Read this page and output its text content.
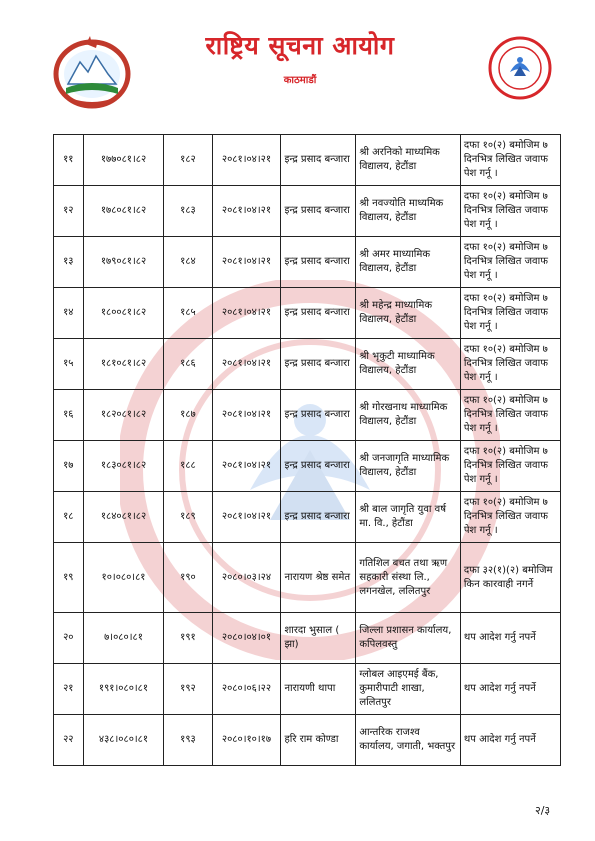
राष्ट्रिय सूचना आयोग
काठमाडौं
११	१७७०८१।८२	१८२	२०८१।०४।२१	इन्द्र प्रसाद बन्जारा	श्री अरनिको माध्यमिक विद्यालय, हेटौंडा	दफा १०(२) बमोजिम ७ दिनभित्र लिखित जवाफ पेश गर्नू ।
१२	१७८०८१।८२	१८३	२०८१।०४।२१	इन्द्र प्रसाद बन्जारा	श्री नवज्योति माध्यमिक विद्यालय, हेटौंडा	दफा १०(२) बमोजिम ७ दिनभित्र लिखित जवाफ पेश गर्नू ।
१३	१७९०८१।८२	१८४	२०८१।०४।२१	इन्द्र प्रसाद बन्जारा	श्री अमर माध्यामिक विद्यालय, हेटौंडा	दफा १०(२) बमोजिम ७ दिनभित्र लिखित जवाफ पेश गर्नू ।
१४	१८००८१।८२	१८५	२०८१।०४।२१	इन्द्र प्रसाद बन्जारा	श्री महेन्द्र माध्यामिक विद्यालय, हेटौंडा	दफा १०(२) बमोजिम ७ दिनभित्र लिखित जवाफ पेश गर्नू ।
१५	१८१०८१।८२	१८६	२०८१।०४।२१	इन्द्र प्रसाद बन्जारा	श्री भृकुटी माध्यामिक विद्यालय, हेटौंडा	दफा १०(२) बमोजिम ७ दिनभित्र लिखित जवाफ पेश गर्नू ।
१६	१८२०८१।८२	१८७	२०८१।०४।२१	इन्द्र प्रसाद बन्जारा	श्री गोरखनाथ माध्यामिक विद्यालय, हेटौंडा	दफा १०(२) बमोजिम ७ दिनभित्र लिखित जवाफ पेश गर्नू ।
१७	१८३०८१।८२	१८८	२०८१।०४।२१	इन्द्र प्रसाद बन्जारा	श्री जनजागृति माध्यामिक विद्यालय, हेटौंडा	दफा १०(२) बमोजिम ७ दिनभित्र लिखित जवाफ पेश गर्नू ।
१८	१८४०८१।८२	१८९	२०८१।०४।२१	इन्द्र प्रसाद बन्जारा	श्री बाल जागृति युवा वर्ष मा. वि., हेटौंडा	दफा १०(२) बमोजिम ७ दिनभित्र लिखित जवाफ पेश गर्नू ।
१९	१०।०८०।८१	१९०	२०८०।०३।२४	नारायण श्रेष्ठ समेत	गतिशिल बचत तथा ऋण सहकारी संस्था लि., लगनखेल, ललितपुर	दफा ३२(१)(२) बमोजिम किन कारवाही नगर्ने
२०	७।०८०।८१	१९१	२०८०।०४।०१	शारदा भुसाल ( झा)	जिल्ला प्रशासन कार्यालय, कपिलवस्तु	थप आदेश गर्नु नपर्ने
२१	१९१।०८०।८१	१९२	२०८०।०६।२२	नारायणी थापा	ग्लोबल आइएमई बैंक, कुमारीपाटी शाखा, ललितपुर	थप आदेश गर्नु नपर्ने
२२	४३८।०८०।८१	१९३	२०८०।१०।१७	हरि राम कोण्डा	आन्तरिक राजश्व कार्यालय, जगाती, भक्तपुर	थप आदेश गर्नु नपर्ने
२/३
